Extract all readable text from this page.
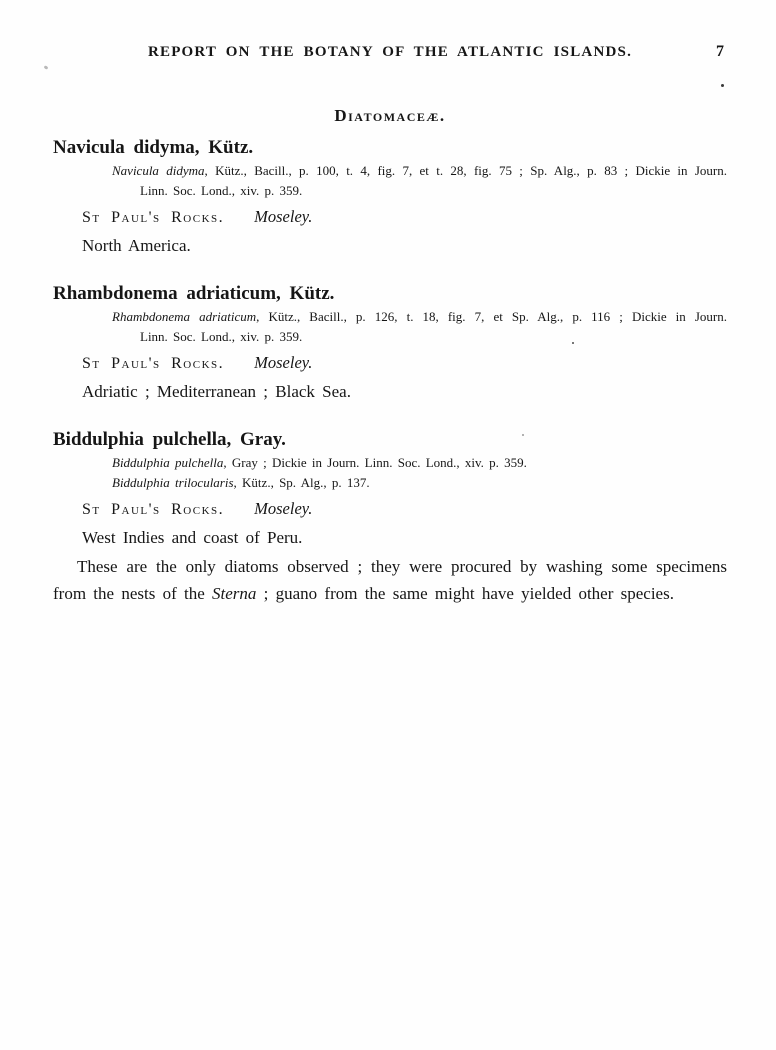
REPORT ON THE BOTANY OF THE ATLANTIC ISLANDS.	7
Diatomaceæ.
Navicula didyma, Kütz.

Navicula didyma, Kütz., Bacill., p. 100, t. 4, fig. 7, et t. 28, fig. 75 ; Sp. Alg., p. 83 ; Dickie in Journ.

Linn. Soc. Lond., xiv. p. 359.

St Paul's Rocks. Moseley.

North America.

Rhambdonema adriaticum, Kütz.

Rhambdonema adriaticum, Kütz., Bacill., p. 126, t. 18, fig. 7, et Sp. Alg., p. 116 ; Dickie in Journ.

Linn. Soc. Lond., xiv. p. 359.

St Paul's Rocks. Moseley.

Adriatic ; Mediterranean ; Black Sea.

Biddulphia pulchella, Gray.

Biddulphia pulchella, Gray ; Dickie in Journ. Linn. Soc. Lond., xiv. p. 359.

Biddulphia trilocularis, Kütz., Sp. Alg., p. 137.

St Paul's Rocks. Moseley.

West Indies and coast of Peru.

These are the only diatoms observed ; they were procured by washing some specimens
from the nests of the Sterna ; guano from the same might have yielded other species.
